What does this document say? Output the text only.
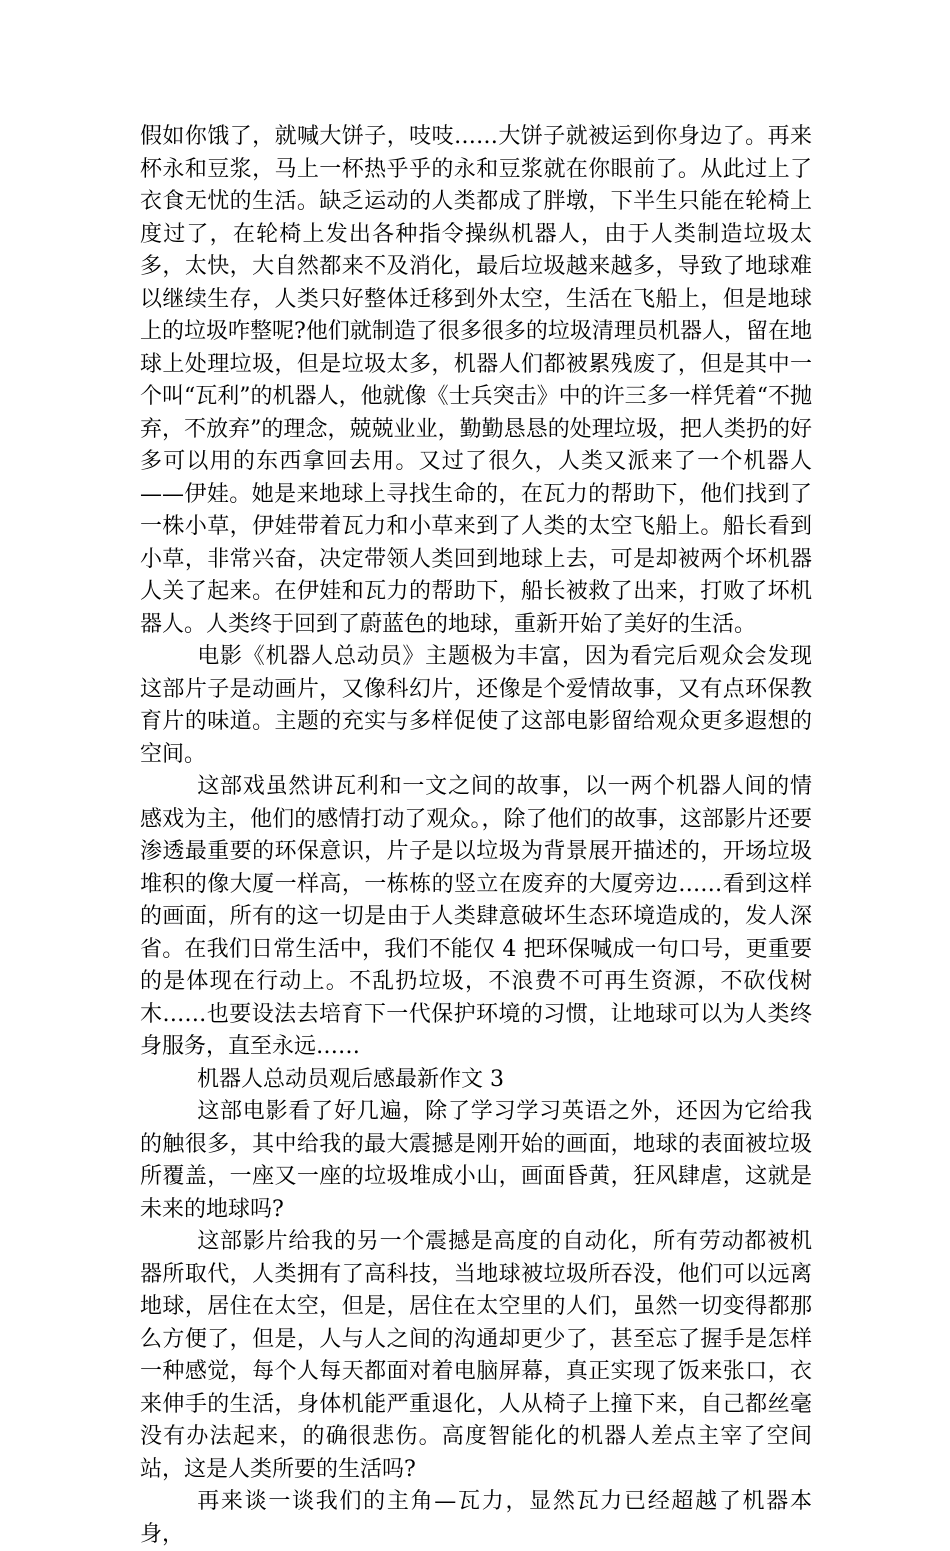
假如你饿了，就喊大饼子，吱吱……大饼子就被运到你身边了。再来杯永和豆浆，马上一杯热乎乎的永和豆浆就在你眼前了。从此过上了衣食无忧的生活。缺乏运动的人类都成了胖墩，下半生只能在轮椅上度过了，在轮椅上发出各种指令操纵机器人，由于人类制造垃圾太多，太快，大自然都来不及消化，最后垃圾越来越多，导致了地球难以继续生存，人类只好整体迁移到外太空，生活在飞船上，但是地球上的垃圾咋整呢?他们就制造了很多很多的垃圾清理员机器人，留在地球上处理垃圾，但是垃圾太多，机器人们都被累残废了，但是其中一个叫“瓦利”的机器人，他就像《士兵突击》中的许三多一样凭着“不抛弃，不放弃”的理念，兢兢业业，勤勤恳恳的处理垃圾，把人类扔的好多可以用的东西拿回去用。又过了很久，人类又派来了一个机器人——伊娃。她是来地球上寻找生命的，在瓦力的帮助下，他们找到了一株小草，伊娃带着瓦力和小草来到了人类的太空飞船上。船长看到小草，非常兴奋，决定带领人类回到地球上去，可是却被两个坏机器人关了起来。在伊娃和瓦力的帮助下，船长被救了出来，打败了坏机器人。人类终于回到了蔚蓝色的地球，重新开始了美好的生活。

电影《机器人总动员》主题极为丰富，因为看完后观众会发现这部片子是动画片，又像科幻片，还像是个爱情故事，又有点环保教育片的味道。主题的充实与多样促使了这部电影留给观众更多遐想的空间。

这部戏虽然讲瓦利和一文之间的故事，以一两个机器人间的情感戏为主，他们的感情打动了观众。，除了他们的故事，这部影片还要渗透最重要的环保意识，片子是以垃圾为背景展开描述的，开场垃圾堆积的像大厦一样高，一栋栋的竖立在废弃的大厦旁边……看到这样的画面，所有的这一切是由于人类肆意破坏生态环境造成的，发人深省。在我们日常生活中，我们不能仅 4 把环保喊成一句口号，更重要的是体现在行动上。不乱扔垃圾，不浪费不可再生资源，不砍伐树木……也要设法去培育下一代保护环境的习惯，让地球可以为人类终身服务，直至永远……

机器人总动员观后感最新作文 3

这部电影看了好几遍，除了学习学习英语之外，还因为它给我的触很多，其中给我的最大震撼是刚开始的画面，地球的表面被垃圾所覆盖，一座又一座的垃圾堆成小山，画面昏黄，狂风肆虐，这就是未来的地球吗?

这部影片给我的另一个震撼是高度的自动化，所有劳动都被机器所取代，人类拥有了高科技，当地球被垃圾所吞没，他们可以远离地球，居住在太空，但是，居住在太空里的人们，虽然一切变得都那么方便了，但是，人与人之间的沟通却更少了，甚至忘了握手是怎样一种感觉，每个人每天都面对着电脑屏幕，真正实现了饭来张口，衣来伸手的生活，身体机能严重退化，人从椅子上撞下来，自己都丝毫没有办法起来，的确很悲伤。高度智能化的机器人差点主宰了空间站，这是人类所要的生活吗?

再来谈一谈我们的主角—瓦力，显然瓦力已经超越了机器本身，
